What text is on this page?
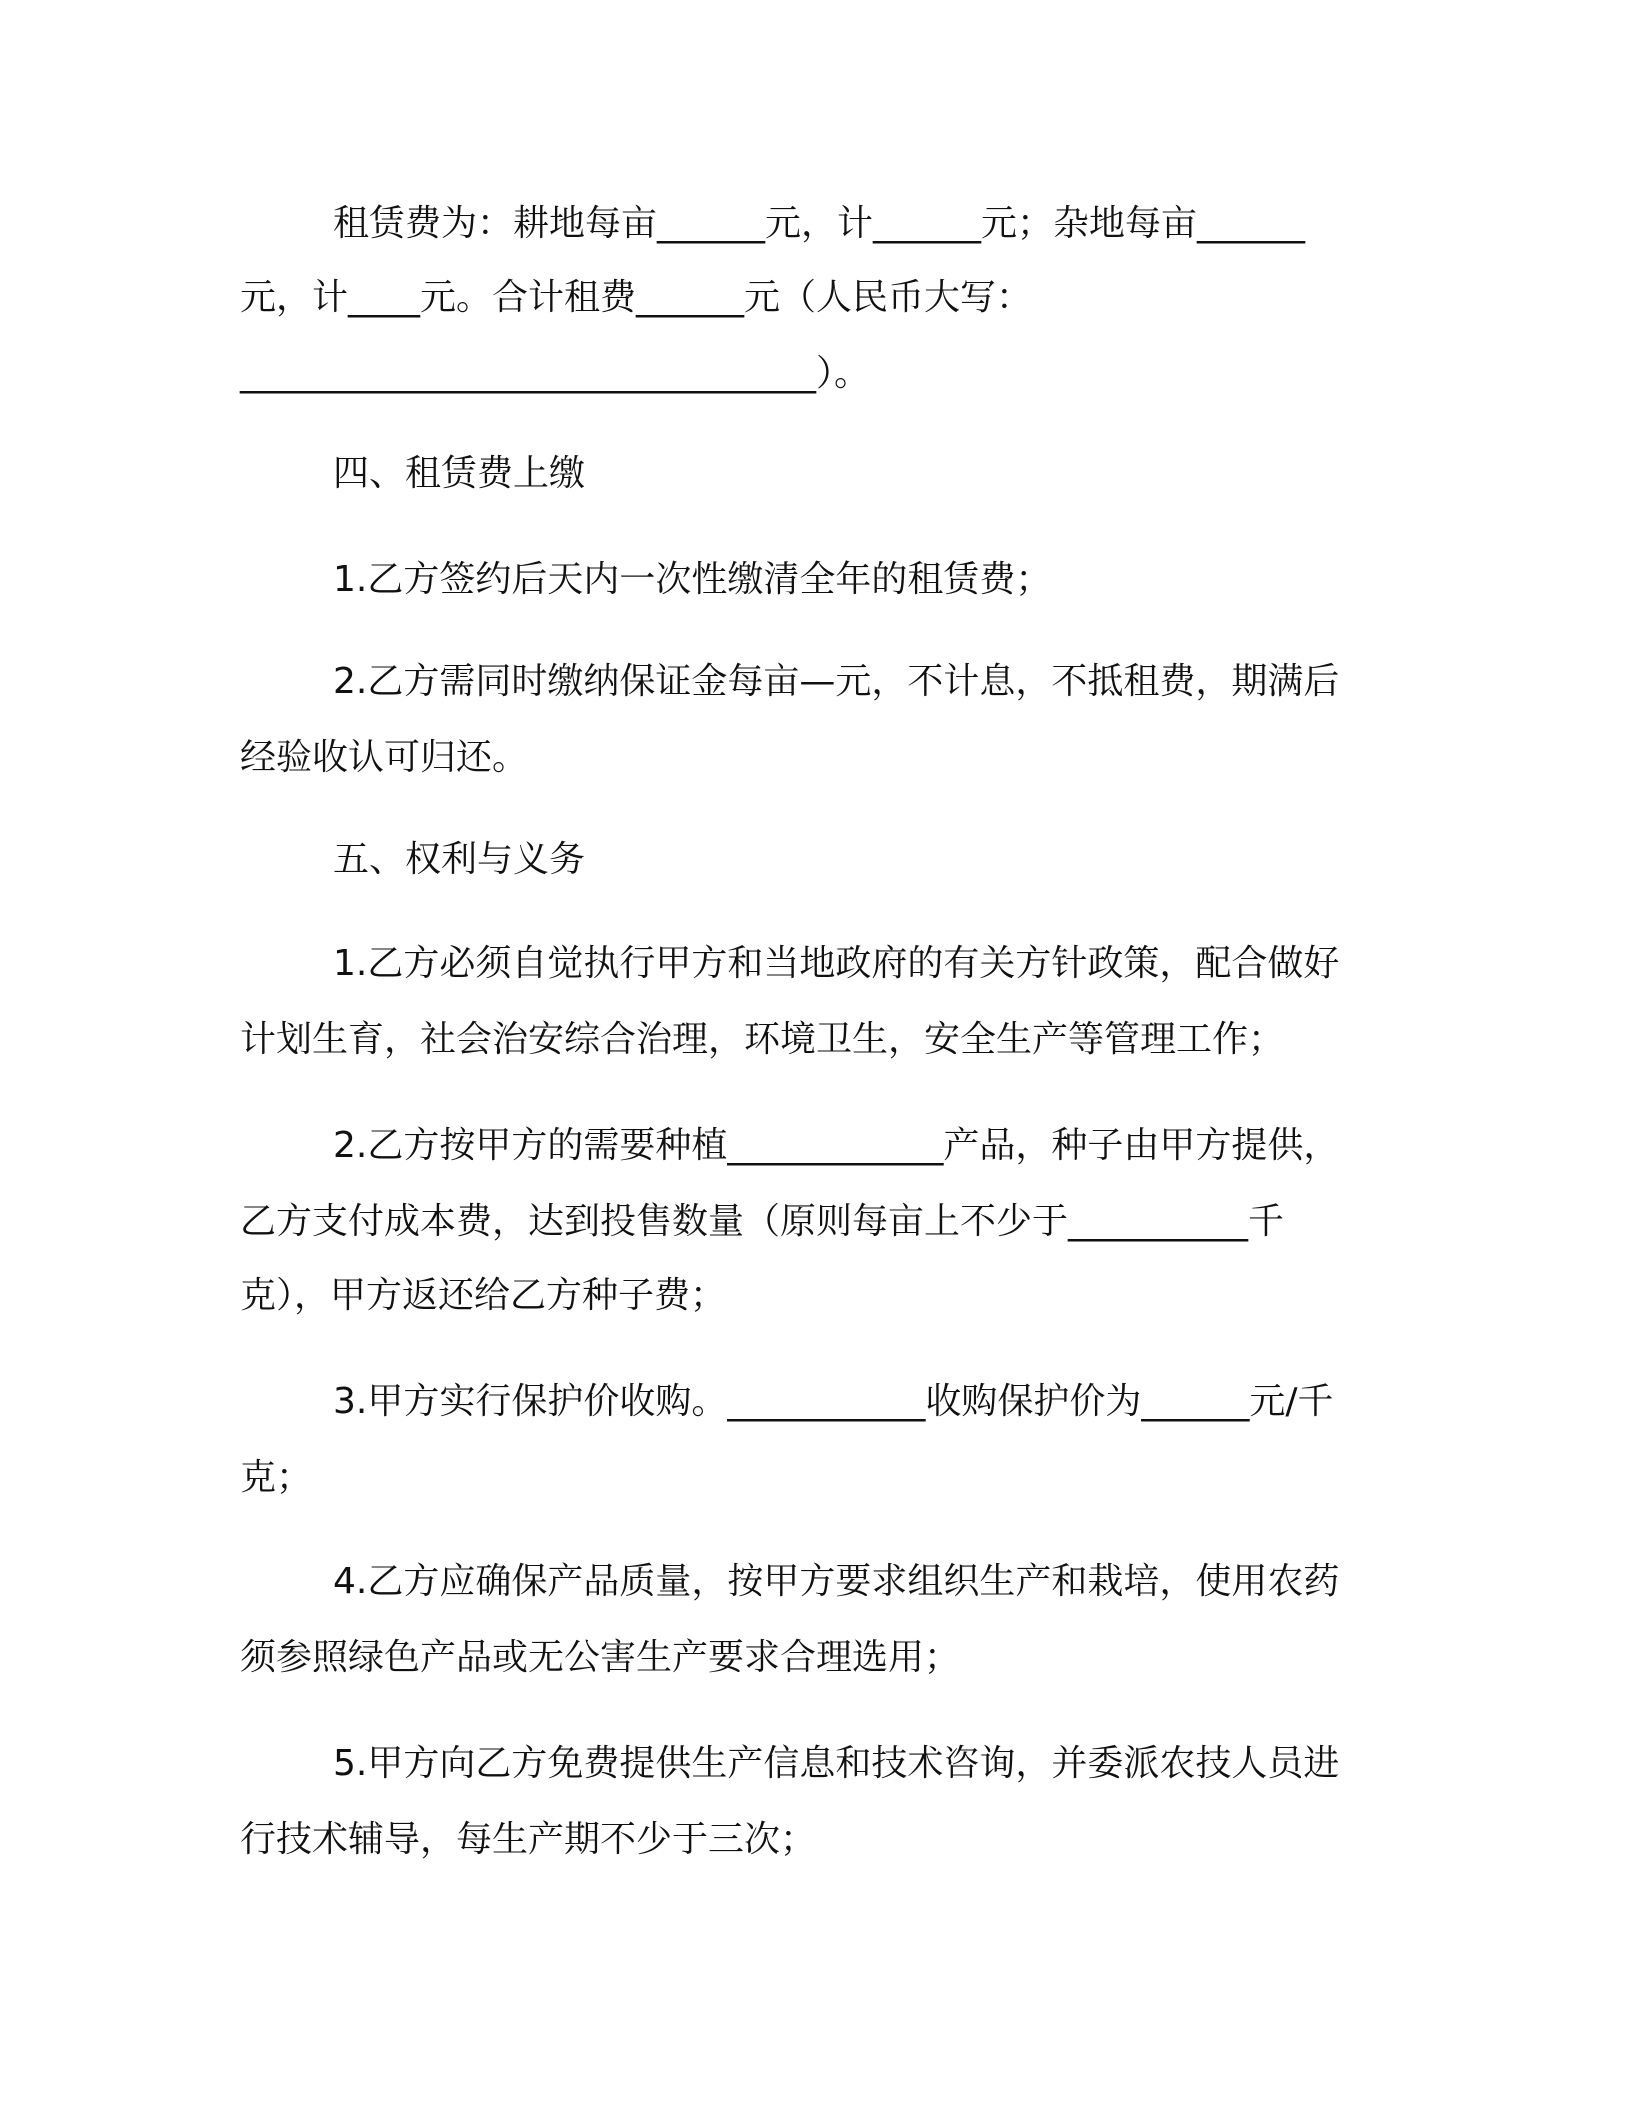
租赁费为：耕地每亩______元，计______元；杂地每亩______
元，计____元。合计租费______元（人民币大写：
________________________________）。
四、租赁费上缴
1.乙方签约后天内一次性缴清全年的租赁费；
2.乙方需同时缴纳保证金每亩—元，不计息，不抵租费，期满后
经验收认可归还。
五、权利与义务
1.乙方必须自觉执行甲方和当地政府的有关方针政策，配合做好
计划生育，社会治安综合治理，环境卫生，安全生产等管理工作；
2.乙方按甲方的需要种植____________产品，种子由甲方提供，
乙方支付成本费，达到投售数量（原则每亩上不少于__________千
克），甲方返还给乙方种子费；
3.甲方实行保护价收购。___________收购保护价为______元/千
克；
4.乙方应确保产品质量，按甲方要求组织生产和栽培，使用农药
须参照绿色产品或无公害生产要求合理选用；
5.甲方向乙方免费提供生产信息和技术咨询，并委派农技人员进
行技术辅导，每生产期不少于三次；
